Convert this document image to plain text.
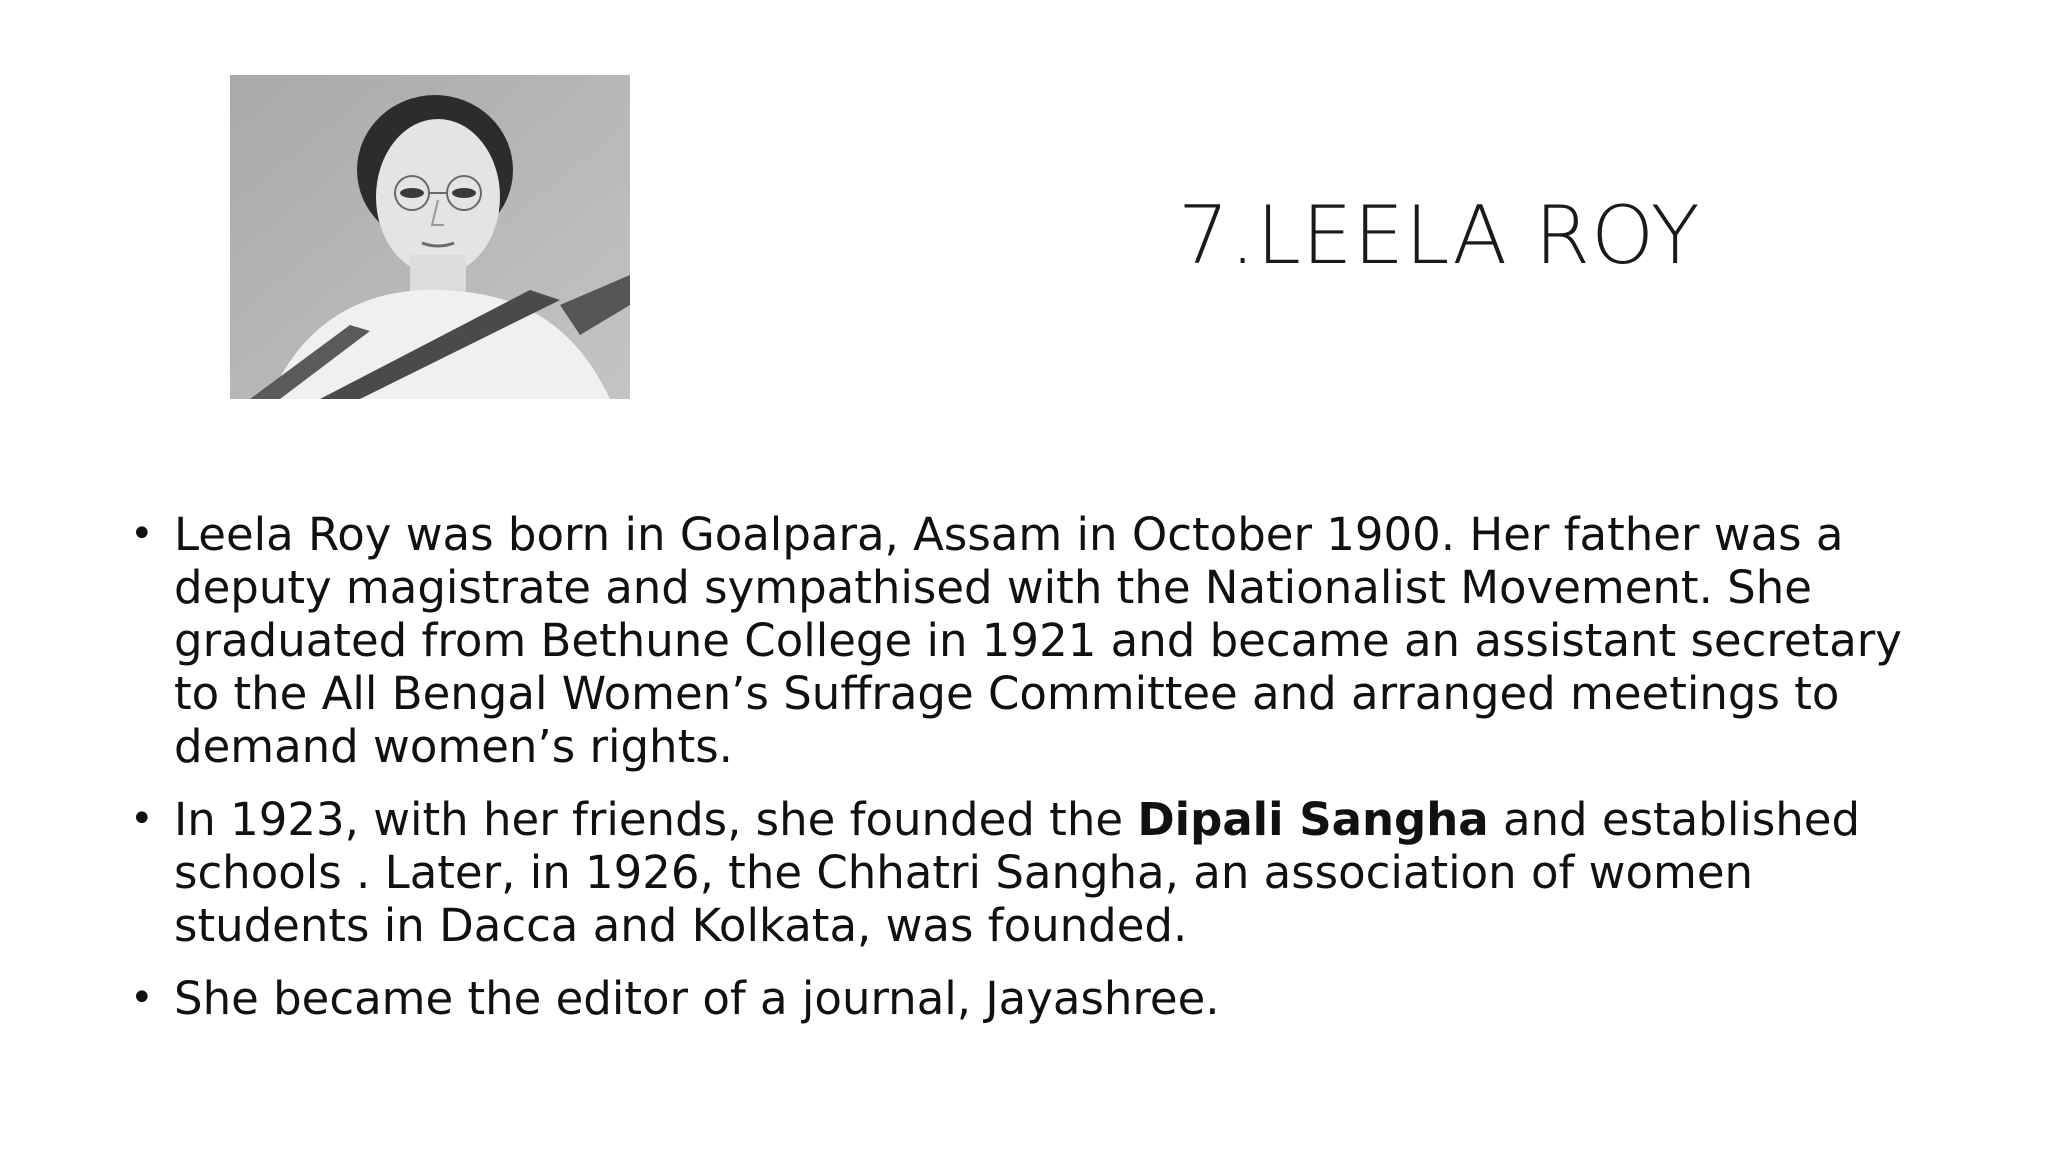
7.LEELA ROY
• Leela Roy was born in Goalpara, Assam in October 1900. Her father was a deputy magistrate and sympathised with the Nationalist Movement. She graduated from Bethune College in 1921 and became an assistant secretary to the All Bengal Women’s Suffrage Committee and arranged meetings to demand women’s rights.
• In 1923, with her friends, she founded the Dipali Sangha and established schools . Later, in 1926, the Chhatri Sangha, an association of women students in Dacca and Kolkata, was founded.
• She became the editor of a journal, Jayashree.
